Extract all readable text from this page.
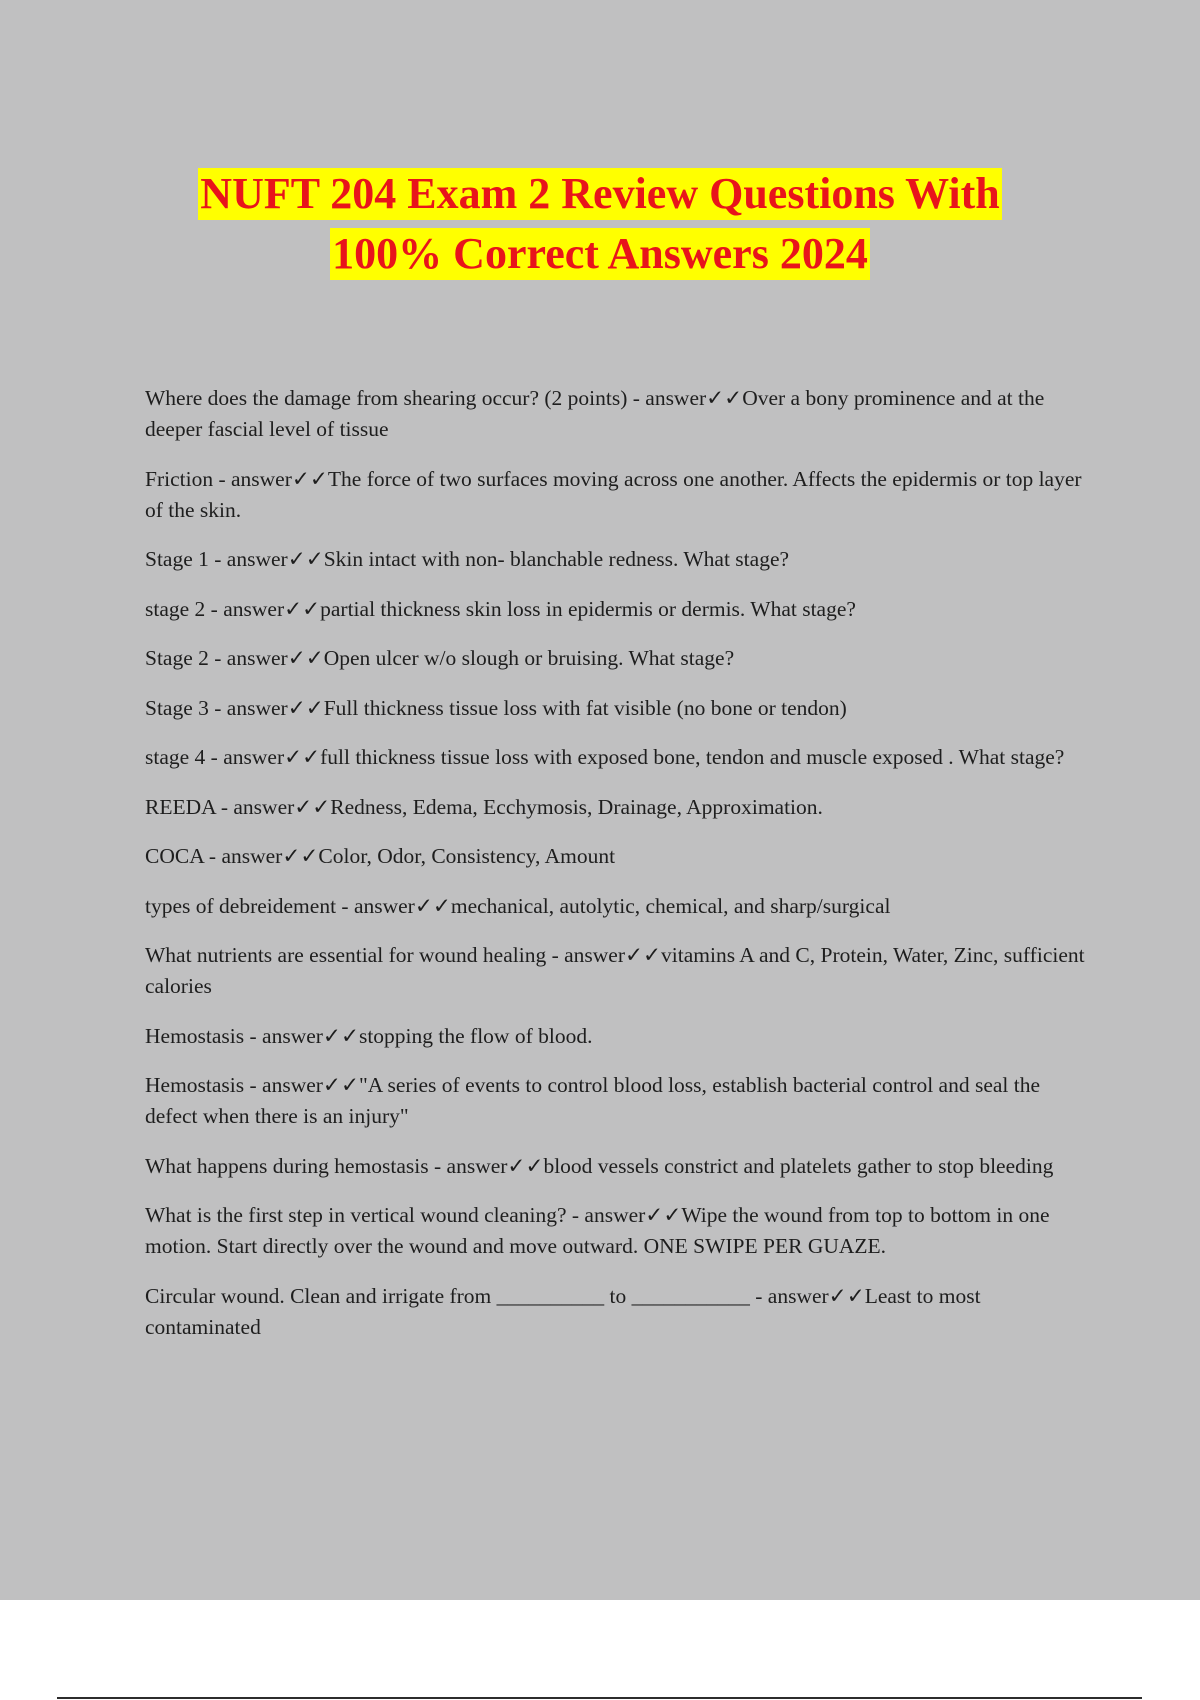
NUFT 204 Exam 2 Review Questions With
100% Correct Answers 2024

Where does the damage from shearing occur? (2 points) - answer✓✓Over a bony prominence and at the deeper fascial level of tissue

Friction - answer✓✓The force of two surfaces moving across one another. Affects the epidermis or top layer of the skin.

Stage 1 - answer✓✓Skin intact with non- blanchable redness. What stage?

stage 2 - answer✓✓partial thickness skin loss in epidermis or dermis. What stage?

Stage 2 - answer✓✓Open ulcer w/o slough or bruising. What stage?

Stage 3 - answer✓✓Full thickness tissue loss with fat visible (no bone or tendon)

stage 4 - answer✓✓full thickness tissue loss with exposed bone, tendon and muscle exposed . What stage?

REEDA - answer✓✓Redness, Edema, Ecchymosis, Drainage, Approximation.

COCA - answer✓✓Color, Odor, Consistency, Amount

types of debreidement - answer✓✓mechanical, autolytic, chemical, and sharp/surgical

What nutrients are essential for wound healing - answer✓✓vitamins A and C, Protein, Water, Zinc, sufficient calories

Hemostasis - answer✓✓stopping the flow of blood.

Hemostasis - answer✓✓"A series of events to control blood loss, establish bacterial control and seal the defect when there is an injury"

What happens during hemostasis - answer✓✓blood vessels constrict and platelets gather to stop bleeding

What is the first step in vertical wound cleaning? - answer✓✓Wipe the wound from top to bottom in one motion. Start directly over the wound and move outward. ONE SWIPE PER GUAZE.

Circular wound. Clean and irrigate from __________ to ___________ - answer✓✓Least to most contaminated
